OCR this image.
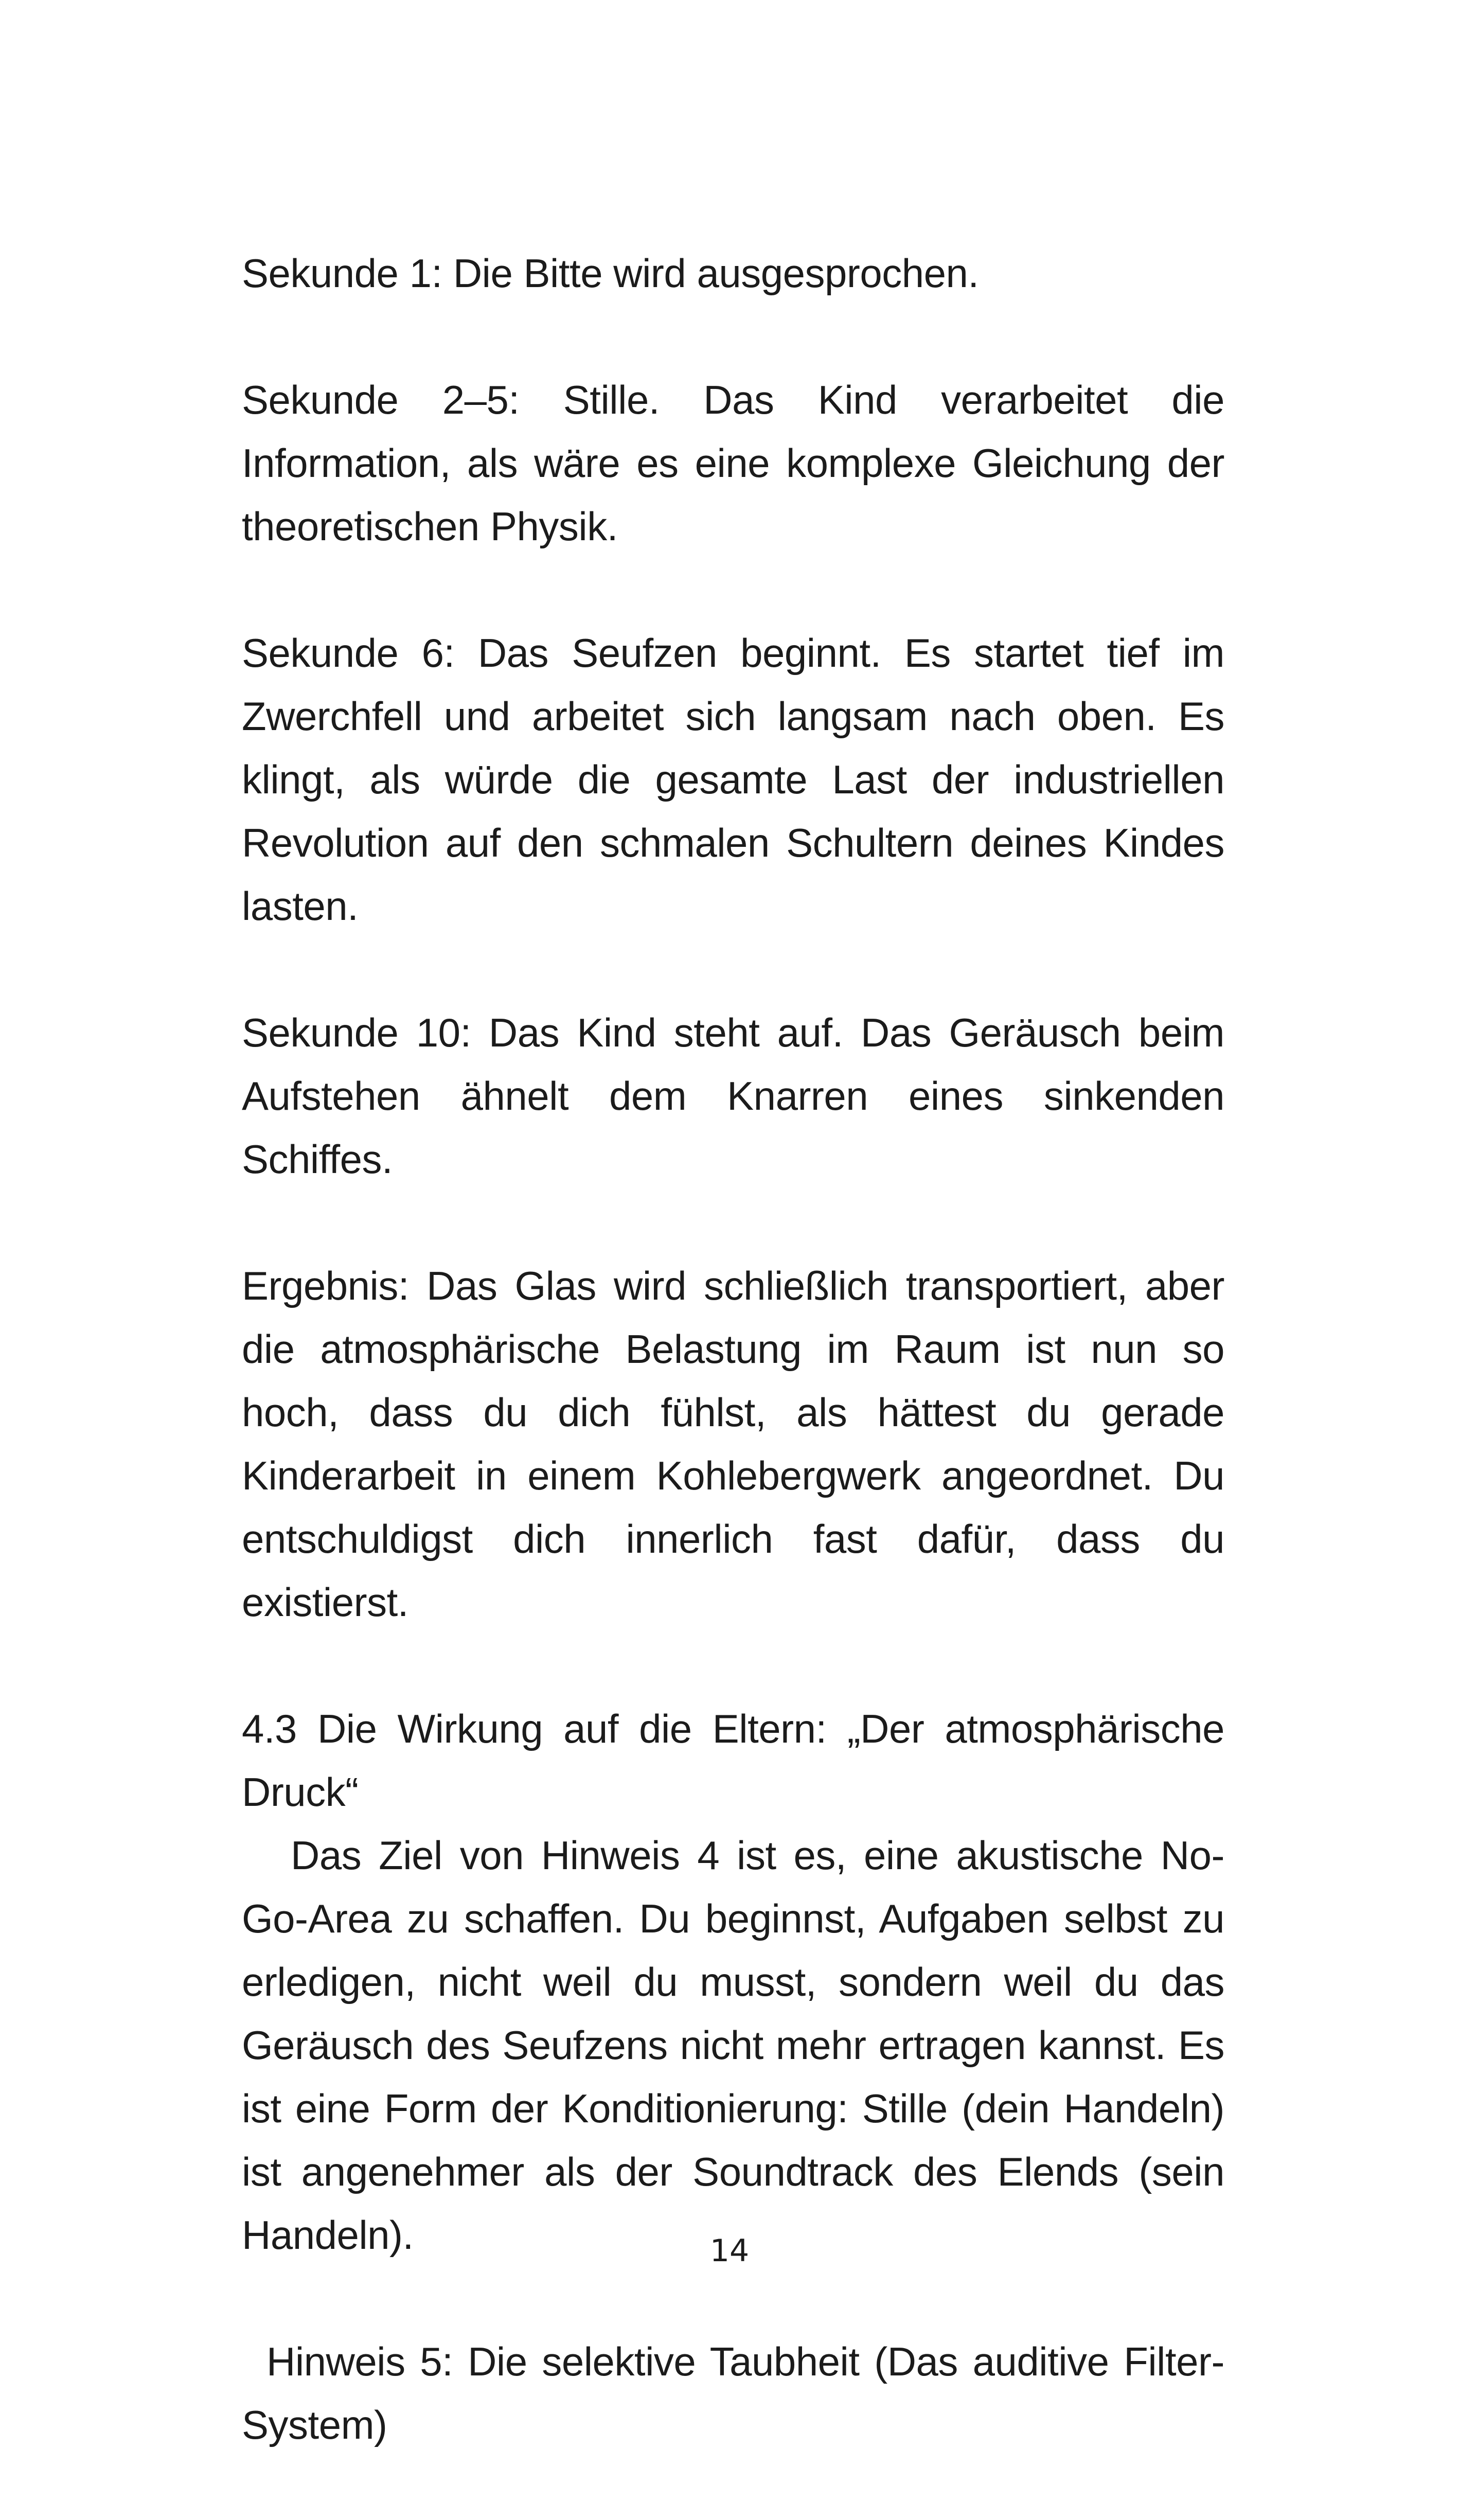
Sekunde 1: Die Bitte wird ausgesprochen.

Sekunde 2–5: Stille. Das Kind verarbeitet die Information, als wäre es eine komplexe Gleichung der theoretischen Physik.

Sekunde 6: Das Seufzen beginnt. Es startet tief im Zwerchfell und arbeitet sich langsam nach oben. Es klingt, als würde die gesamte Last der industriellen Revolution auf den schmalen Schultern deines Kindes lasten.

Sekunde 10: Das Kind steht auf. Das Geräusch beim Aufstehen ähnelt dem Knarren eines sinkenden Schiffes.

Ergebnis: Das Glas wird schließlich transportiert, aber die atmosphärische Belastung im Raum ist nun so hoch, dass du dich fühlst, als hättest du gerade Kinderarbeit in einem Kohlebergwerk angeordnet. Du entschuldigst dich innerlich fast dafür, dass du existierst.

4.3 Die Wirkung auf die Eltern: „Der atmosphärische Druck“

Das Ziel von Hinweis 4 ist es, eine akustische No-Go-Area zu schaffen. Du beginnst, Aufgaben selbst zu erledigen, nicht weil du musst, sondern weil du das Geräusch des Seufzens nicht mehr ertragen kannst. Es ist eine Form der Konditionierung: Stille (dein Handeln) ist angenehmer als der Soundtrack des Elends (sein Handeln).

Hinweis 5: Die selektive Taubheit (Das auditive Filter-System)

14
